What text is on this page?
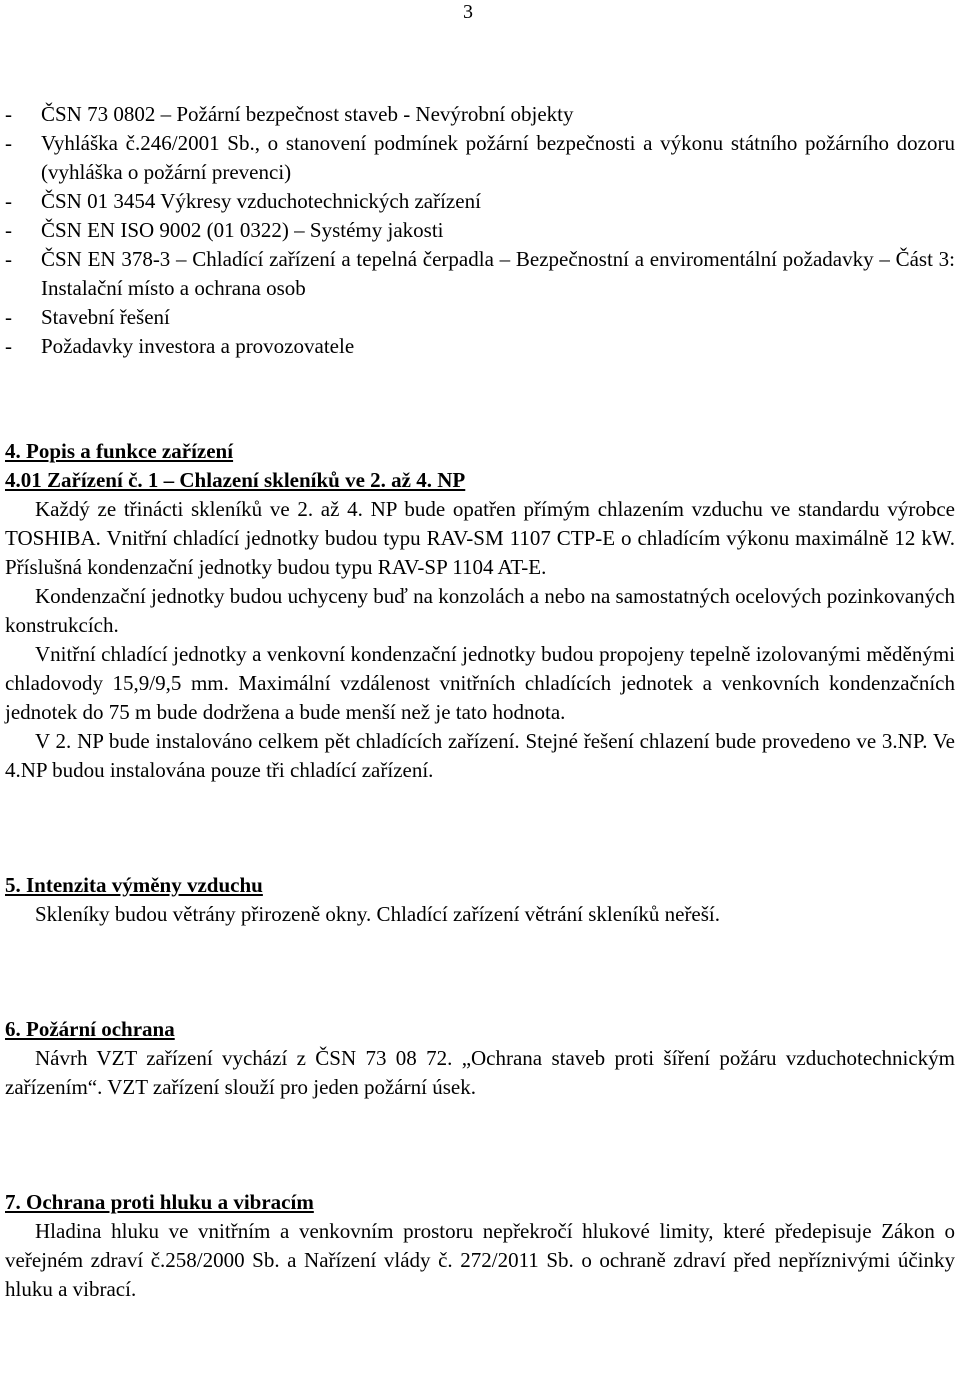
3
-	ČSN 73 0802 – Požární bezpečnost staveb - Nevýrobní objekty
-	Vyhláška č.246/2001 Sb., o stanovení podmínek požární bezpečnosti a výkonu státního požárního dozoru (vyhláška o požární prevenci)
-	ČSN 01 3454 Výkresy vzduchotechnických zařízení
-	ČSN EN ISO 9002 (01 0322) – Systémy jakosti
-	ČSN EN 378-3 – Chladící zařízení a tepelná čerpadla – Bezpečnostní a enviromentální požadavky – Část 3: Instalační místo a ochrana osob
-	Stavební řešení
-	Požadavky investora a provozovatele
4. Popis a funkce zařízení
4.01 Zařízení č. 1 – Chlazení skleníků ve 2. až 4. NP

Každý ze třinácti skleníků ve 2. až 4. NP bude opatřen přímým chlazením vzduchu ve standardu výrobce TOSHIBA. Vnitřní chladící jednotky budou typu RAV-SM 1107 CTP-E o chladícím výkonu maximálně 12 kW. Příslušná kondenzační jednotky budou typu RAV-SP 1104 AT-E.

Kondenzační jednotky budou uchyceny buď na konzolách a nebo na samostatných ocelových pozinkovaných konstrukcích.

Vnitřní chladící jednotky a venkovní kondenzační jednotky budou propojeny tepelně izolovanými měděnými chladovody 15,9/9,5 mm. Maximální vzdálenost vnitřních chladících jednotek a venkovních kondenzačních jednotek do 75 m bude dodržena a bude menší než je tato hodnota.

V 2. NP bude instalováno celkem pět chladících zařízení. Stejné řešení chlazení bude provedeno ve 3.NP. Ve 4.NP budou instalována pouze tři chladící zařízení.

5. Intenzita výměny vzduchu

Skleníky budou větrány přirozeně okny. Chladící zařízení větrání skleníků neřeší.

6. Požární ochrana

Návrh VZT zařízení vychází z ČSN 73 08 72. „Ochrana staveb proti šíření požáru vzduchotechnickým zařízením“. VZT zařízení slouží pro jeden požární úsek.

7. Ochrana proti hluku a vibracím

Hladina hluku ve vnitřním a venkovním prostoru nepřekročí hlukové limity, které předepisuje Zákon o veřejném zdraví č.258/2000 Sb. a Nařízení vlády č. 272/2011 Sb. o ochraně zdraví před nepříznivými účinky hluku a vibrací.
